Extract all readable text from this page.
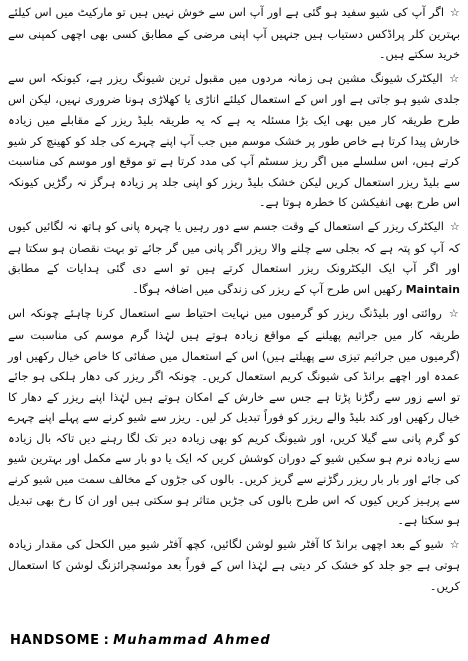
☆ اگر آپ کی شیو سفید ہو گئی ہے اور آپ اس سے خوش نہیں ہیں تو مارکیٹ میں اس کیلئے بہترین کلر پراڈکس دستیاب ہیں جنہیں آپ اپنی مرضی کے مطابق کسی بھی اچھی کمپنی سے خرید سکتے ہیں۔

☆ الیکٹرک شیونگ مشین ہی زمانہ مردوں میں مقبول ترین شیونگ ریزر ہے، کیونکہ اس سے جلدی شیو ہو جاتی ہے اور اس کے استعمال کیلئے اناڑی یا کھلاڑی ہونا ضروری نہیں، لیکن اس طرح طریقہ کار میں بھی ایک بڑا مسئلہ یہ ہے کہ یہ طریقہ بلیڈ ریزر کے مقابلے میں زیادہ خارش پیدا کرتا ہے خاص طور پر خشک موسم میں جب آپ اپنے چہرے کی جلد کو کھینچ کر شیو کرتے ہیں، اس سلسلے میں اگر ریز سسٹم آپ کی مدد کرتا ہے تو موقع اور موسم کی مناسبت سے بلیڈ ریزر استعمال کریں لیکن خشک بلیڈ ریزر کو اپنی جلد پر زیادہ ہرگز نہ رگڑیں کیونکہ اس طرح بھی انفیکشن کا خطرہ ہوتا ہے۔

☆ الیکٹرک ریزر کے استعمال کے وقت جسم سے دور رہیں یا چہرہ پانی کو ہاتھ نہ لگائیں کیوں کہ آپ کو پتہ ہے کہ بجلی سے چلنے والا ریزر اگر پانی میں گر جائے تو بہت نقصان ہو سکتا ہے اور اگر آپ ایک الیکٹرونک ریزر استعمال کرتے ہیں تو اسے دی گئی ہدایات کے مطابق Maintain رکھیں اس طرح آپ کے ریزر کی زندگی میں اضافہ ہوگا۔

☆ روائتی اور بلیڈنگ ریزر کو گرمیوں میں نہایت احتیاط سے استعمال کرنا چاہئے چونکہ اس طریقہ کار میں جراثیم پھیلنے کے مواقع زیادہ ہوتے ہیں لہٰذا گرم موسم کی مناسبت سے (گرمیوں میں جراثیم تیزی سے پھیلتے ہیں) اس کے استعمال میں صفائی کا خاص خیال رکھیں اور عمدہ اور اچھے برانڈ کی شیونگ کریم استعمال کریں۔ چونکہ اگر ریزر کی دھار ہلکی ہو جائے تو اسے زور سے رگڑنا پڑتا ہے جس سے خارش کے امکان ہوتے ہیں لہٰذا اپنے ریزر کے دھار کا خیال رکھیں اور کند بلیڈ والے ریزر کو فوراً تبدیل کر لیں۔ ریزر سے شیو کرنے سے پہلے اپنے چہرے کو گرم پانی سے گیلا کریں، اور شیونگ کریم کو بھی زیادہ دیر تک لگا رہنے دیں تاکہ بال زیادہ سے زیادہ نرم ہو سکیں شیو کے دوران کوشش کریں کہ ایک یا دو بار سے مکمل اور بہترین شیو کی جائے اور بار بار ریزر رگڑنے سے گریز کریں۔ بالوں کی جڑوں کے مخالف سمت میں شیو کرنے سے پرہیز کریں کیوں کہ اس طرح بالوں کی جڑیں متاثر ہو سکتی ہیں اور ان کا رخ بھی تبدیل ہو سکتا ہے۔

☆ شیو کے بعد اچھی برانڈ کا آفٹر شیو لوشن لگائیں، کچھ آفٹر شیو میں الکحل کی مقدار زیادہ ہوتی ہے جو جلد کو خشک کر دیتی ہے لہٰذا اس کے فوراً بعد موئسچرائزنگ لوشن کا استعمال کریں۔

HANDSOME : Muhammad Ahmed
